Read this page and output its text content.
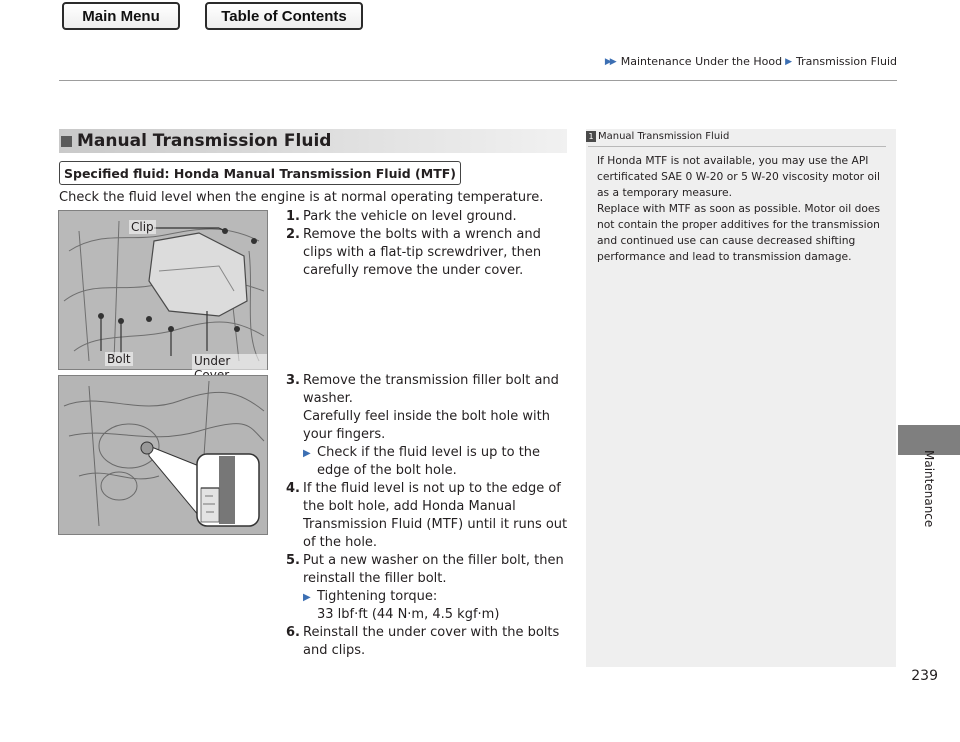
Main Menu	Table of Contents
▶▶ Maintenance Under the Hood ▶ Transmission Fluid
Maintenance
239
Manual Transmission Fluid
Specified fluid: Honda Manual Transmission Fluid (MTF)
Check the fluid level when the engine is at normal operating temperature.
1. Park the vehicle on level ground.
2. Remove the bolts with a wrench and clips with a flat-tip screwdriver, then carefully remove the under cover.
3. Remove the transmission filler bolt and washer.
Carefully feel inside the bolt hole with your fingers.
▶ Check if the fluid level is up to the edge of the bolt hole.
4. If the fluid level is not up to the edge of the bolt hole, add Honda Manual Transmission Fluid (MTF) until it runs out of the hole.
5. Put a new washer on the filler bolt, then reinstall the filler bolt.
▶ Tightening torque:
33 lbf·ft (44 N·m, 4.5 kgf·m)
6. Reinstall the under cover with the bolts and clips.
Clip
Bolt	Under
1 Manual Transmission Fluid

If Honda MTF is not available, you may use the API certificated SAE 0 W-20 or 5 W-20 viscosity motor oil as a temporary measure.

Replace with MTF as soon as possible. Motor oil does not contain the proper additives for the transmission and continued use can cause decreased shifting performance and lead to transmission damage.
